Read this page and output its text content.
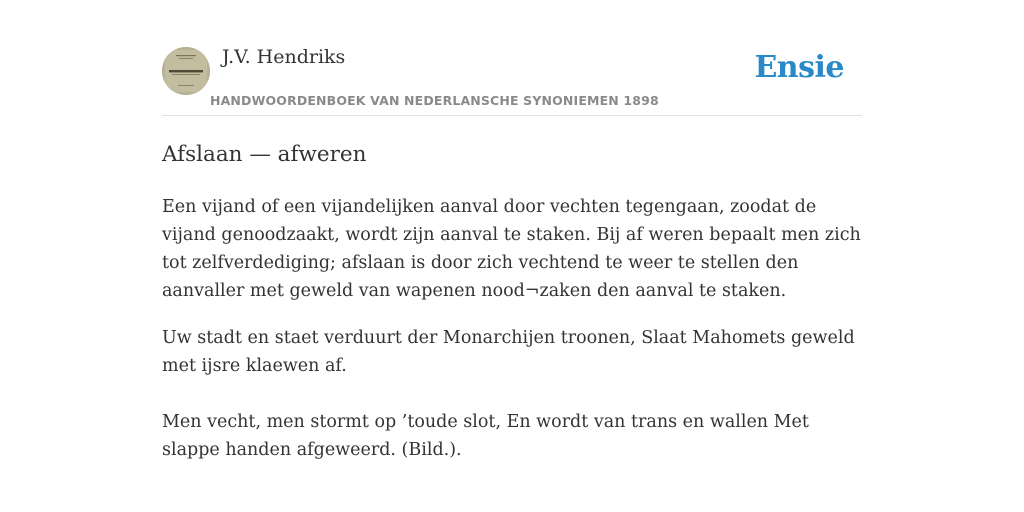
J.V. Hendriks
HANDWOORDENBOEK VAN NEDERLANSCHE SYNONIEMEN 1898
Ensie
Afslaan — afweren

Een vijand of een vijandelijken aanval door vechten tegengaan, zoodat de vijand genoodzaakt, wordt zijn aanval te staken. Bij af weren bepaalt men zich tot zelfverdediging; afslaan is door zich vechtend te weer te stellen den aanvaller met geweld van wapenen nood¬zaken den aanval te staken.

Uw stadt en staet verduurt der Monarchijen troonen, Slaat Mahomets geweld met ijsre klaewen af.

Men vecht, men stormt op ’toude slot, En wordt van trans en wallen Met slappe handen afgeweerd. (Bild.).
